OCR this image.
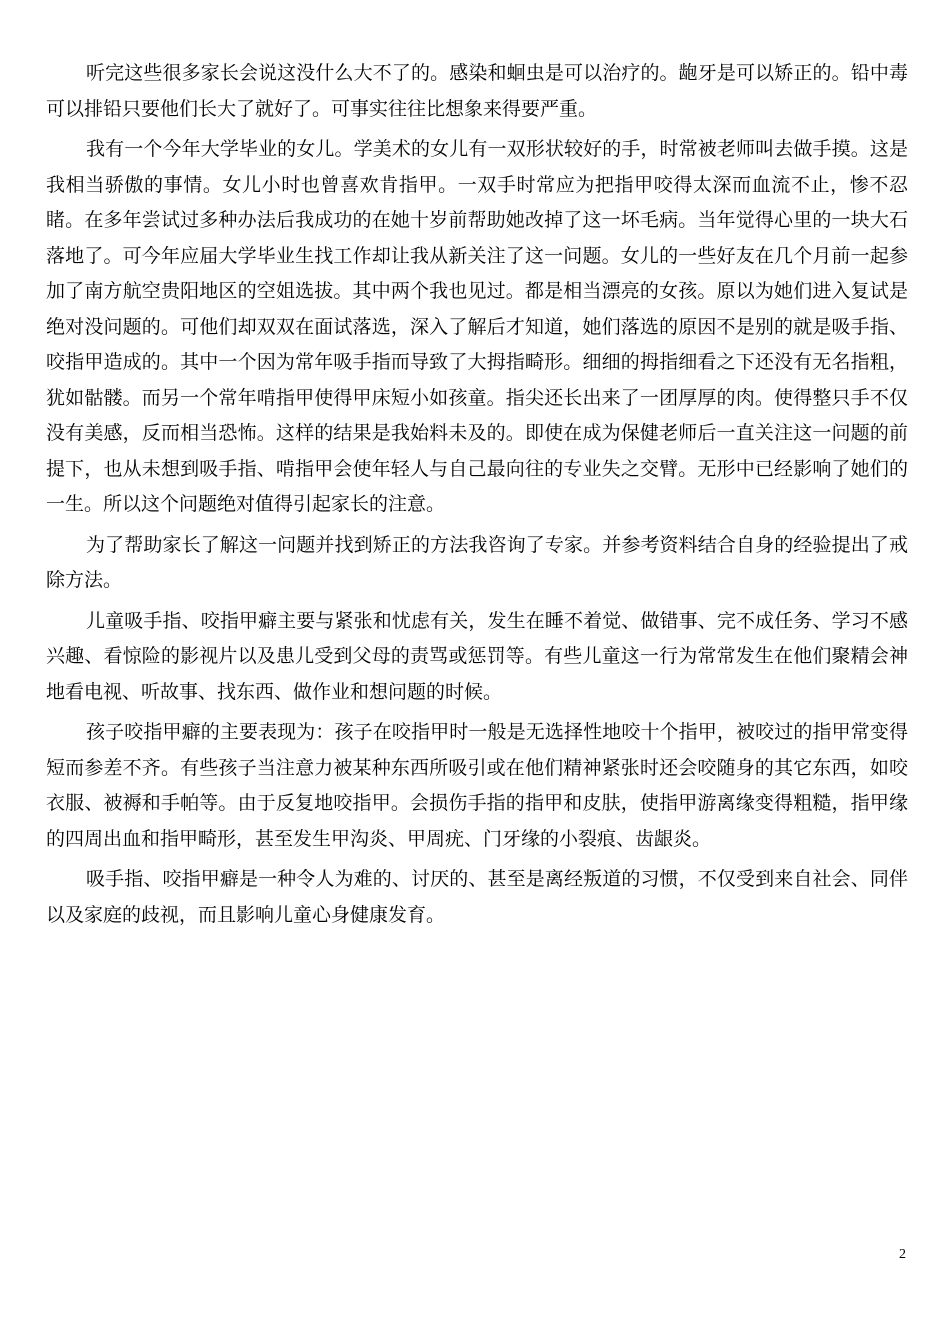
听完这些很多家长会说这没什么大不了的。感染和蛔虫是可以治疗的。龅牙是可以矫正的。铅中毒可以排铅只要他们长大了就好了。可事实往往比想象来得要严重。

我有一个今年大学毕业的女儿。学美术的女儿有一双形状较好的手，时常被老师叫去做手摸。这是我相当骄傲的事情。女儿小时也曾喜欢肯指甲。一双手时常应为把指甲咬得太深而血流不止，惨不忍睹。在多年尝试过多种办法后我成功的在她十岁前帮助她改掉了这一坏毛病。当年觉得心里的一块大石落地了。可今年应届大学毕业生找工作却让我从新关注了这一问题。女儿的一些好友在几个月前一起参加了南方航空贵阳地区的空姐选拔。其中两个我也见过。都是相当漂亮的女孩。原以为她们进入复试是绝对没问题的。可他们却双双在面试落选，深入了解后才知道，她们落选的原因不是别的就是吸手指、咬指甲造成的。其中一个因为常年吸手指而导致了大拇指畸形。细细的拇指细看之下还没有无名指粗，犹如骷髅。而另一个常年啃指甲使得甲床短小如孩童。指尖还长出来了一团厚厚的肉。使得整只手不仅没有美感，反而相当恐怖。这样的结果是我始料未及的。即使在成为保健老师后一直关注这一问题的前提下，也从未想到吸手指、啃指甲会使年轻人与自己最向往的专业失之交臂。无形中已经影响了她们的一生。所以这个问题绝对值得引起家长的注意。

为了帮助家长了解这一问题并找到矫正的方法我咨询了专家。并参考资料结合自身的经验提出了戒除方法。

儿童吸手指、咬指甲癖主要与紧张和忧虑有关，发生在睡不着觉、做错事、完不成任务、学习不感兴趣、看惊险的影视片以及患儿受到父母的责骂或惩罚等。有些儿童这一行为常常发生在他们聚精会神地看电视、听故事、找东西、做作业和想问题的时候。

孩子咬指甲癖的主要表现为：孩子在咬指甲时一般是无选择性地咬十个指甲，被咬过的指甲常变得短而参差不齐。有些孩子当注意力被某种东西所吸引或在他们精神紧张时还会咬随身的其它东西，如咬衣服、被褥和手帕等。由于反复地咬指甲。会损伤手指的指甲和皮肤，使指甲游离缘变得粗糙，指甲缘的四周出血和指甲畸形，甚至发生甲沟炎、甲周疣、门牙缘的小裂痕、齿龈炎。

吸手指、咬指甲癖是一种令人为难的、讨厌的、甚至是离经叛道的习惯，不仅受到来自社会、同伴以及家庭的歧视，而且影响儿童心身健康发育。

2
